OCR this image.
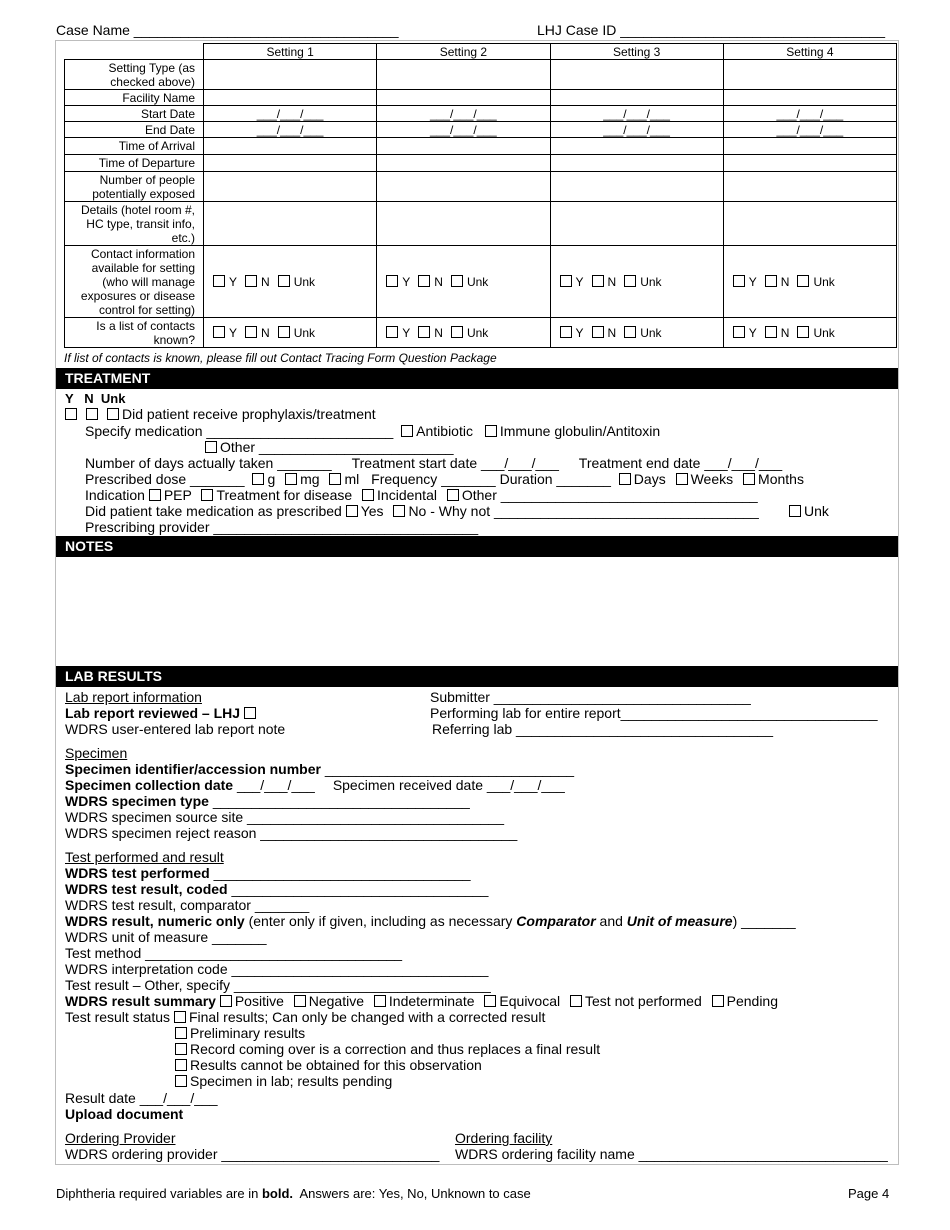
Case Name __________________________________	LHJ Case ID __________________________________
	Setting 1	Setting 2	Setting 3	Setting 4
Setting Type (as checked above)				
Facility Name				
Start Date	___/___/___	___/___/___	___/___/___	___/___/___
End Date	___/___/___	___/___/___	___/___/___	___/___/___
Time of Arrival				
Time of Departure				
Number of people potentially exposed				
Details (hotel room #, HC type, transit info, etc.)				
Contact information available for setting (who will manage exposures or disease control for setting)	Y N Unk	Y N Unk	Y N Unk	Y N Unk
Is a list of contacts known?	Y N Unk	Y N Unk	Y N Unk	Y N Unk
If list of contacts is known, please fill out Contact Tracing Form Question Package
TREATMENT
Y   N  Unk
Did patient receive prophylaxis/treatment
Specify medication ________________________ Antibiotic Immune globulin/Antitoxin
Other _________________________
Number of days actually taken _______ Treatment start date ___/___/___ Treatment end date ___/___/___
Prescribed dose _______ g mg ml Frequency _______ Duration _______ Days Weeks Months
Indication PEP Treatment for disease Incidental Other _________________________________
Did patient take medication as prescribed Yes No - Why not __________________________________	Unk
Prescribing provider __________________________________
NOTES
LAB RESULTS
Lab report information
Lab report reviewed – LHJ
WDRS user-entered lab report note
Submitter _________________________________
Performing lab for entire report_________________________________
Referring lab _________________________________
Specimen
Specimen identifier/accession number ________________________________
Specimen collection date ___/___/___ Specimen received date ___/___/___
WDRS specimen type _________________________________
WDRS specimen source site _________________________________
WDRS specimen reject reason _________________________________
Test performed and result
WDRS test performed _________________________________
WDRS test result, coded _________________________________
WDRS test result, comparator _______
WDRS result, numeric only (enter only if given, including as necessary Comparator and Unit of measure) _______
WDRS unit of measure _______
Test method _________________________________
WDRS interpretation code _________________________________
Test result – Other, specify _________________________________
WDRS result summary Positive Negative Indeterminate Equivocal Test not performed Pending
Test result status Final results; Can only be changed with a corrected result
Preliminary results
Record coming over is a correction and thus replaces a final result
Results cannot be obtained for this observation
Specimen in lab; results pending
Result date ___/___/___
Upload document
Ordering Provider	Ordering facility
WDRS ordering provider ____________________________ WDRS ordering facility name ________________________________
Diphtheria required variables are in bold.  Answers are: Yes, No, Unknown to case	Page 4
